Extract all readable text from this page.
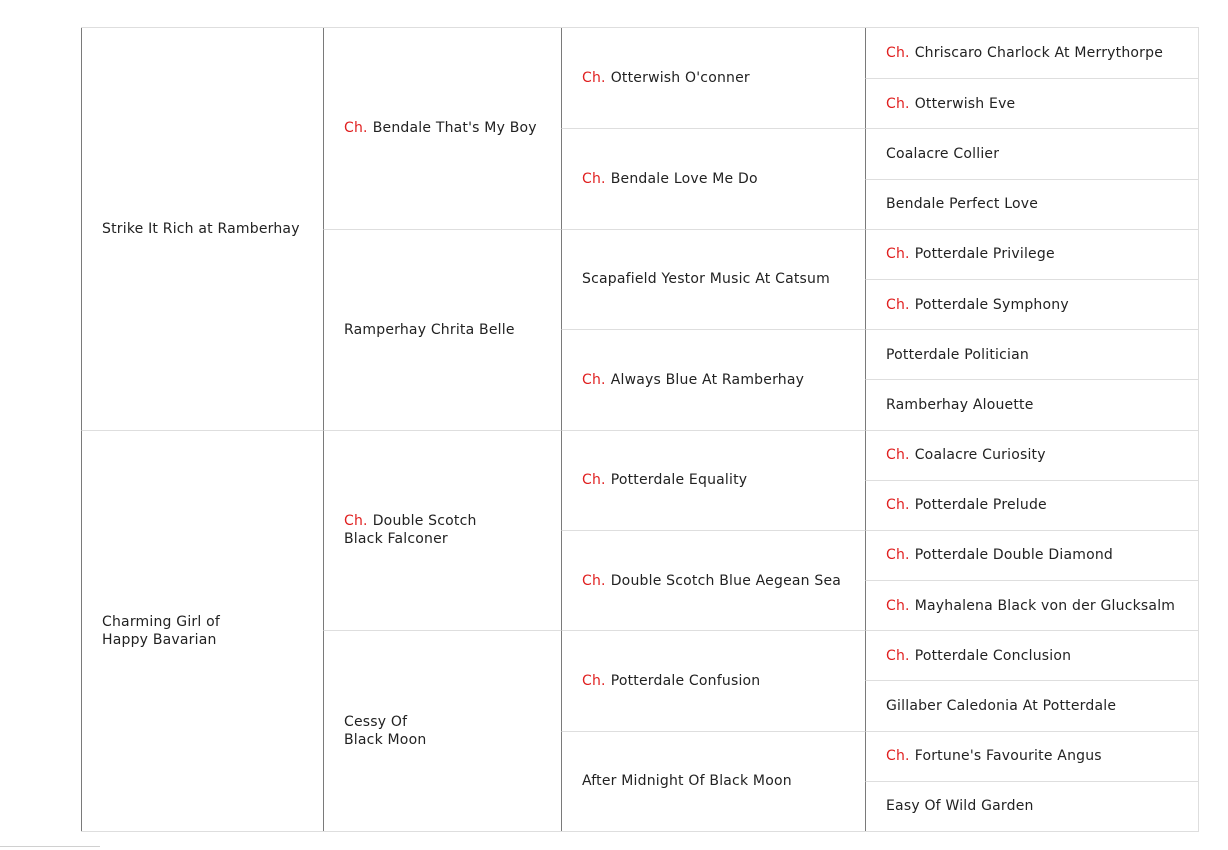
Strike It Rich at Ramberhay
Charming Girl of
Happy Bavarian
Ch. Bendale That's My Boy
Ramperhay Chrita Belle
Ch. Double Scotch
Black Falconer
Cessy Of
Black Moon
Ch. Otterwish O'conner
Ch. Bendale Love Me Do
Scapafield Yestor Music At Catsum
Ch. Always Blue At Ramberhay
Ch. Potterdale Equality
Ch. Double Scotch Blue Aegean Sea
Ch. Potterdale Confusion
After Midnight Of Black Moon
Ch. Chriscaro Charlock At Merrythorpe
Ch. Otterwish Eve
Coalacre Collier
Bendale Perfect Love
Ch. Potterdale Privilege
Ch. Potterdale Symphony
Potterdale Politician
Ramberhay Alouette
Ch. Coalacre Curiosity
Ch. Potterdale Prelude
Ch. Potterdale Double Diamond
Ch. Mayhalena Black von der Glucksalm
Ch. Potterdale Conclusion
Gillaber Caledonia At Potterdale
Ch. Fortune's Favourite Angus
Easy Of Wild Garden
